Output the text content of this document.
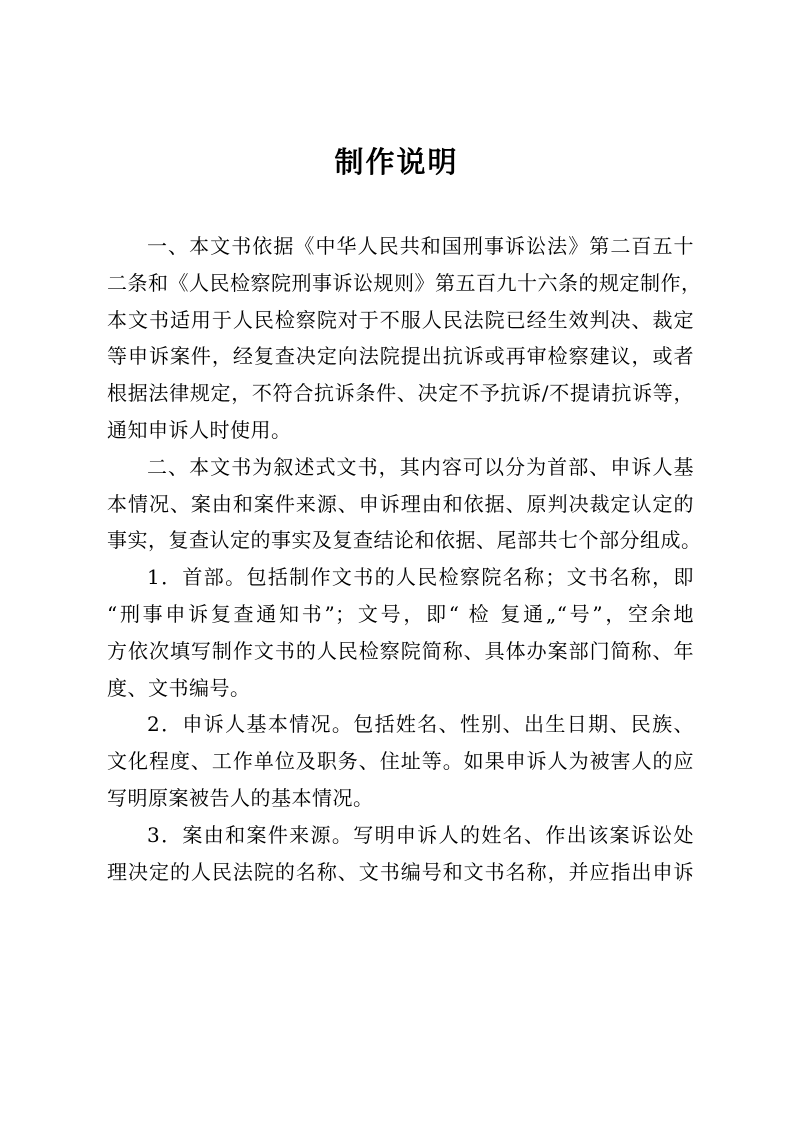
制作说明
一、本文书依据《中华人民共和国刑事诉讼法》第二百五十
二条和《人民检察院刑事诉讼规则》第五百九十六条的规定制作，
本文书适用于人民检察院对于不服人民法院已经生效判决、裁定
等申诉案件，经复查决定向法院提出抗诉或再审检察建议，或者
根据法律规定，不符合抗诉条件、决定不予抗诉/不提请抗诉等，
通知申诉人时使用。
二、本文书为叙述式文书，其内容可以分为首部、申诉人基
本情况、案由和案件来源、申诉理由和依据、原判决裁定认定的
事实，复查认定的事实及复查结论和依据、尾部共七个部分组成。
1．首部。包括制作文书的人民检察院名称；文书名称，即
“刑事申诉复查通知书”；文号，即“ 检 复通„“号”，空余地
方依次填写制作文书的人民检察院简称、具体办案部门简称、年
度、文书编号。
2．申诉人基本情况。包括姓名、性别、出生日期、民族、
文化程度、工作单位及职务、住址等。如果申诉人为被害人的应
写明原案被告人的基本情况。
3．案由和案件来源。写明申诉人的姓名、作出该案诉讼处
理决定的人民法院的名称、文书编号和文书名称，并应指出申诉
